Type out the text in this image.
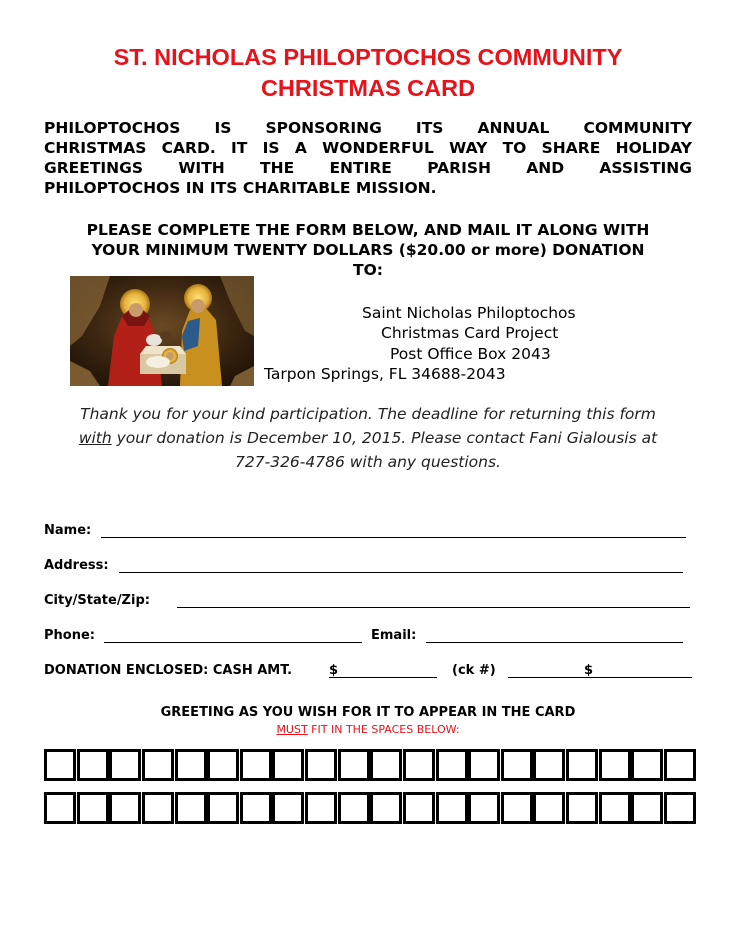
ST. NICHOLAS PHILOPTOCHOS COMMUNITY
CHRISTMAS CARD
PHILOPTOCHOS IS SPONSORING ITS ANNUAL COMMUNITY
CHRISTMAS CARD. IT IS A WONDERFUL WAY TO SHARE HOLIDAY
GREETINGS WITH THE ENTIRE PARISH AND ASSISTING
PHILOPTOCHOS IN ITS CHARITABLE MISSION.
PLEASE COMPLETE THE FORM BELOW, AND MAIL IT ALONG WITH
YOUR MINIMUM TWENTY DOLLARS ($20.00 or more) DONATION
TO:
Saint Nicholas Philoptochos
Christmas Card Project
Post Office Box 2043
Tarpon Springs, FL 34688-2043
Thank you for your kind participation. The deadline for returning this form
with your donation is December 10, 2015. Please contact Fani Gialousis at
727-326-4786 with any questions.
Name:
Address:
City/State/Zip:
Phone:	Email:
DONATION ENCLOSED: CASH AMT.	$	(ck #)	$
GREETING AS YOU WISH FOR IT TO APPEAR IN THE CARD
MUST FIT IN THE SPACES BELOW:
